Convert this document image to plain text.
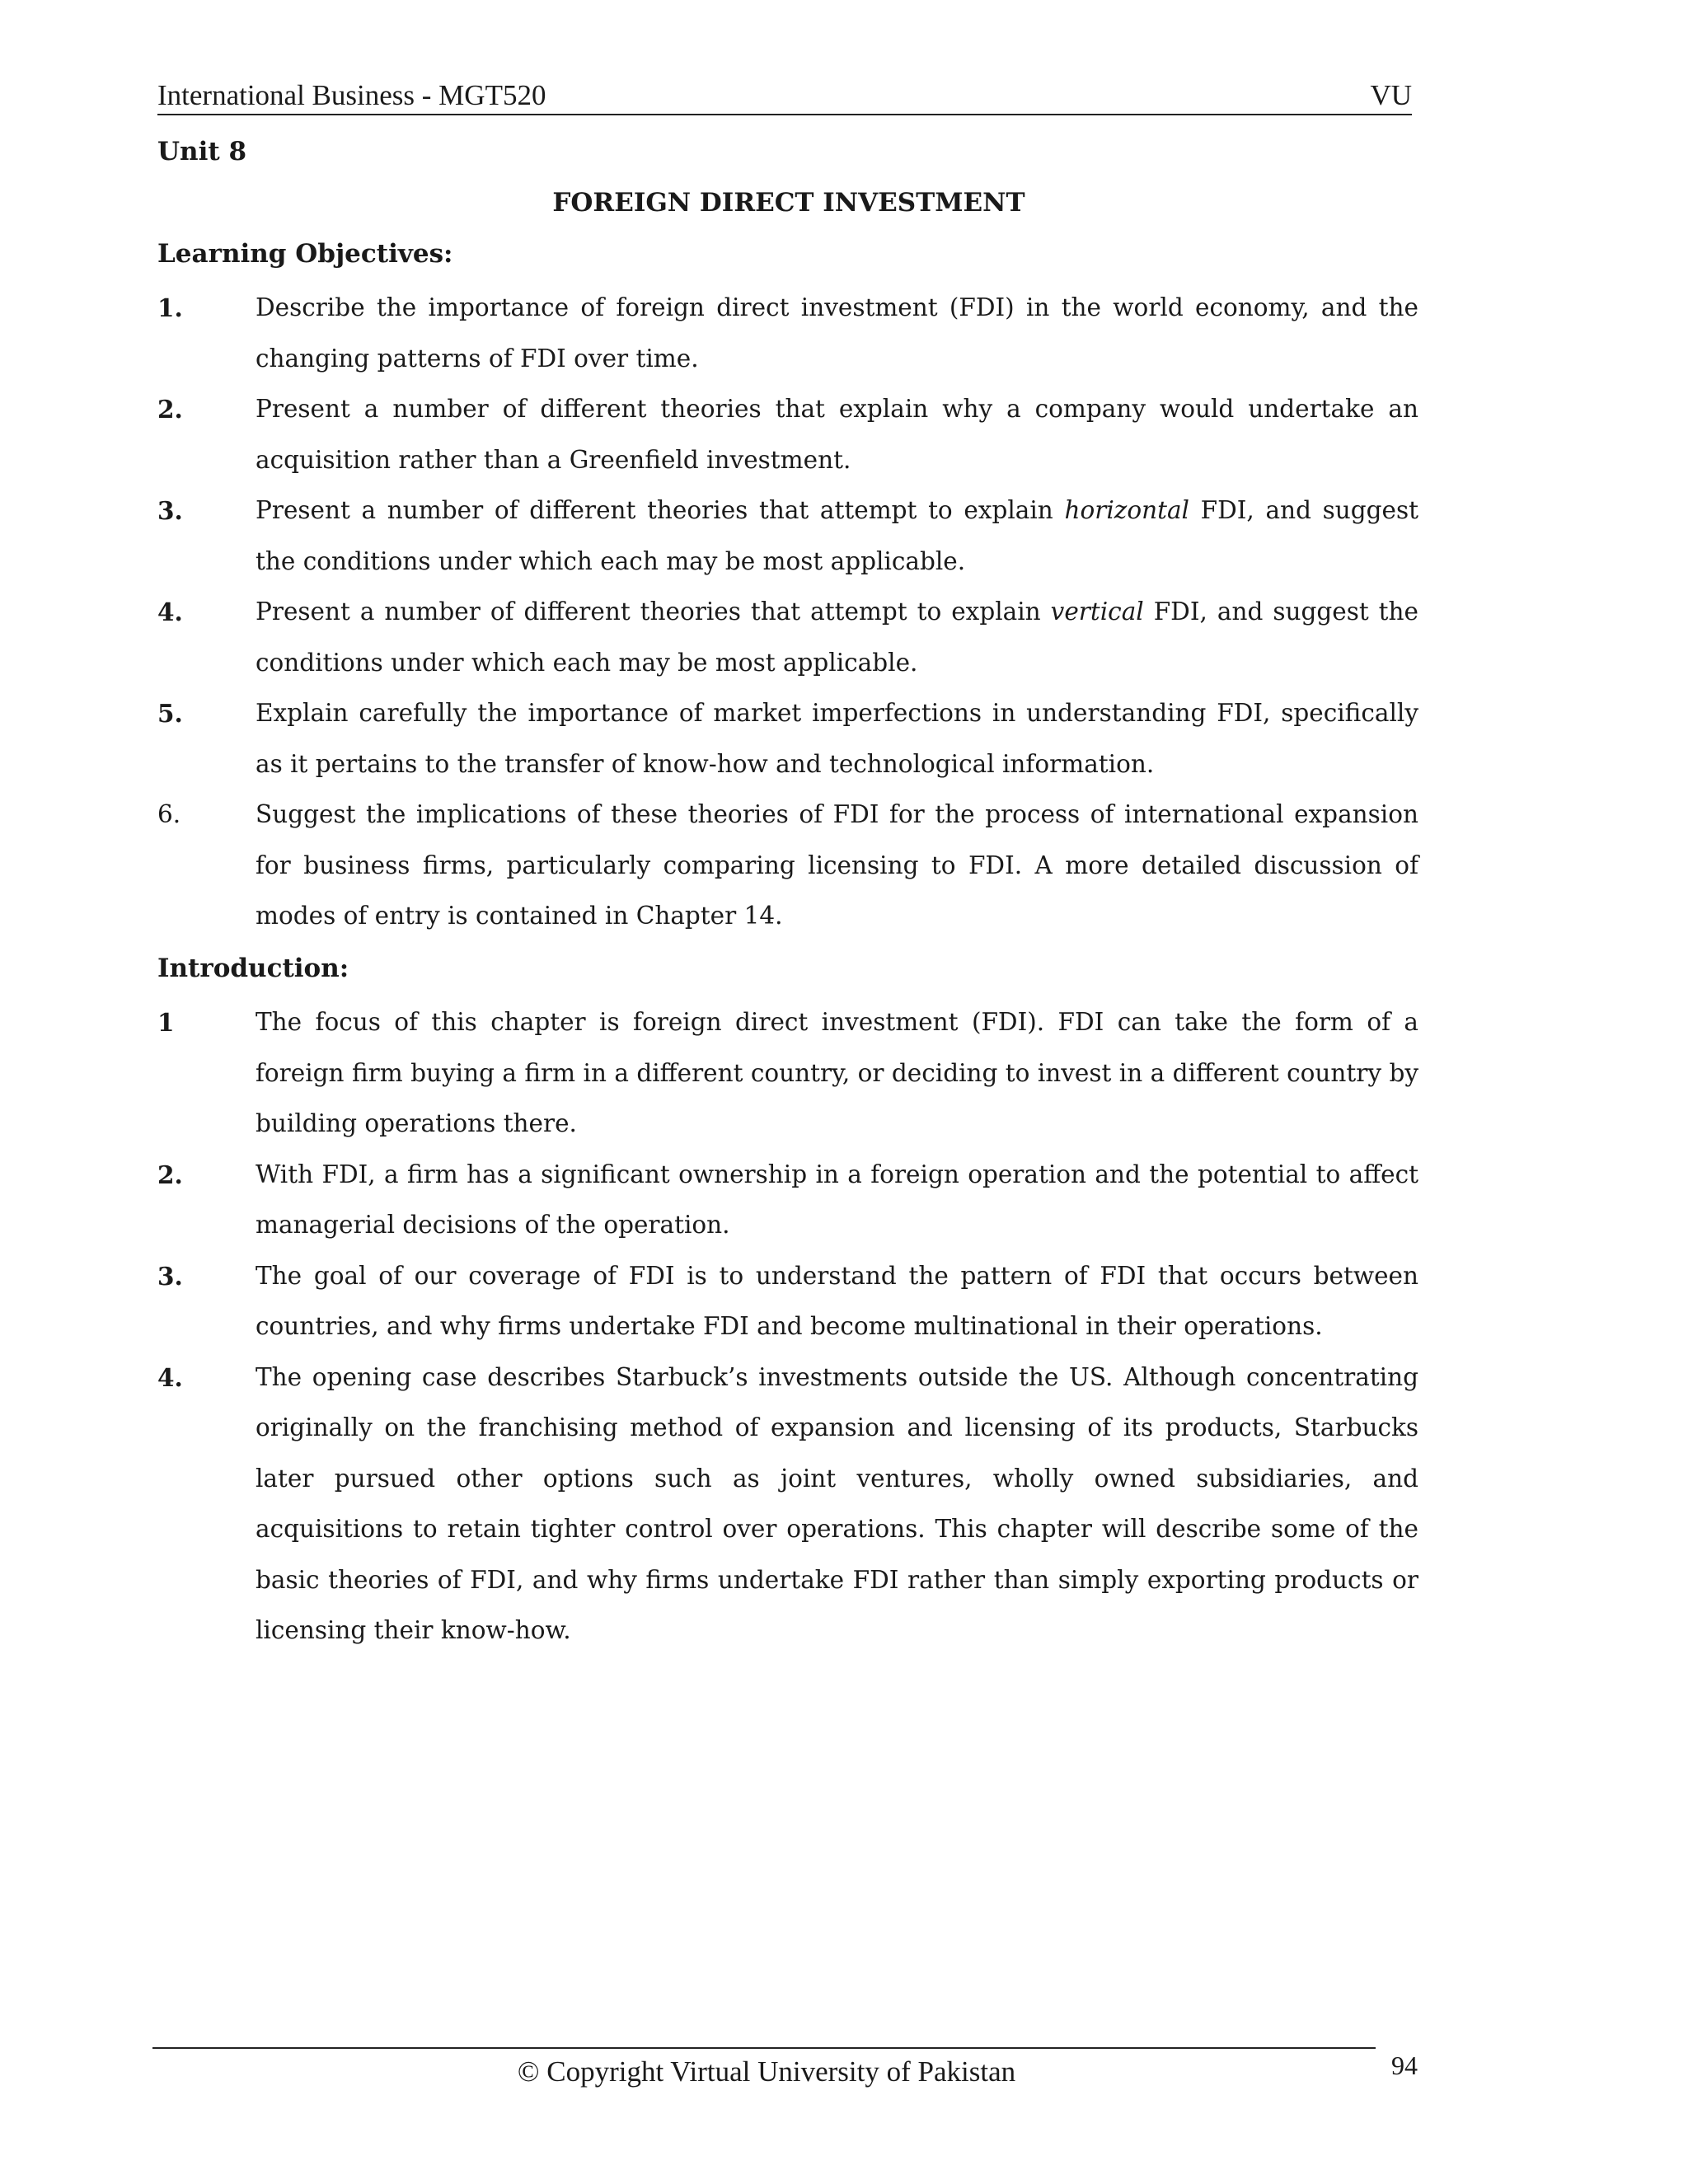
International Business - MGT520	VU
Unit 8
FOREIGN DIRECT INVESTMENT
Learning Objectives:
1.	Describe the importance of foreign direct investment (FDI) in the world economy, and the changing patterns of FDI over time.
2.	Present a number of different theories that explain why a company would undertake an acquisition rather than a Greenfield investment.
3.	Present a number of different theories that attempt to explain horizontal FDI, and suggest the conditions under which each may be most applicable.
4.	Present a number of different theories that attempt to explain vertical FDI, and suggest the conditions under which each may be most applicable.
5.	Explain carefully the importance of market imperfections in understanding FDI, specifically as it pertains to the transfer of know-how and technological information.
6.	Suggest the implications of these theories of FDI for the process of international expansion for business firms, particularly comparing licensing to FDI. A more detailed discussion of modes of entry is contained in Chapter 14.
Introduction:
1	The focus of this chapter is foreign direct investment (FDI). FDI can take the form of a foreign firm buying a firm in a different country, or deciding to invest in a different country by building operations there.
2.	With FDI, a firm has a significant ownership in a foreign operation and the potential to affect managerial decisions of the operation.
3.	The goal of our coverage of FDI is to understand the pattern of FDI that occurs between countries, and why firms undertake FDI and become multinational in their operations.
4.	The opening case describes Starbuck’s investments outside the US. Although concentrating originally on the franchising method of expansion and licensing of its products, Starbucks later pursued other options such as joint ventures, wholly owned subsidiaries, and acquisitions to retain tighter control over operations. This chapter will describe some of the basic theories of FDI, and why firms undertake FDI rather than simply exporting products or licensing their know-how.
© Copyright Virtual University of Pakistan	94
